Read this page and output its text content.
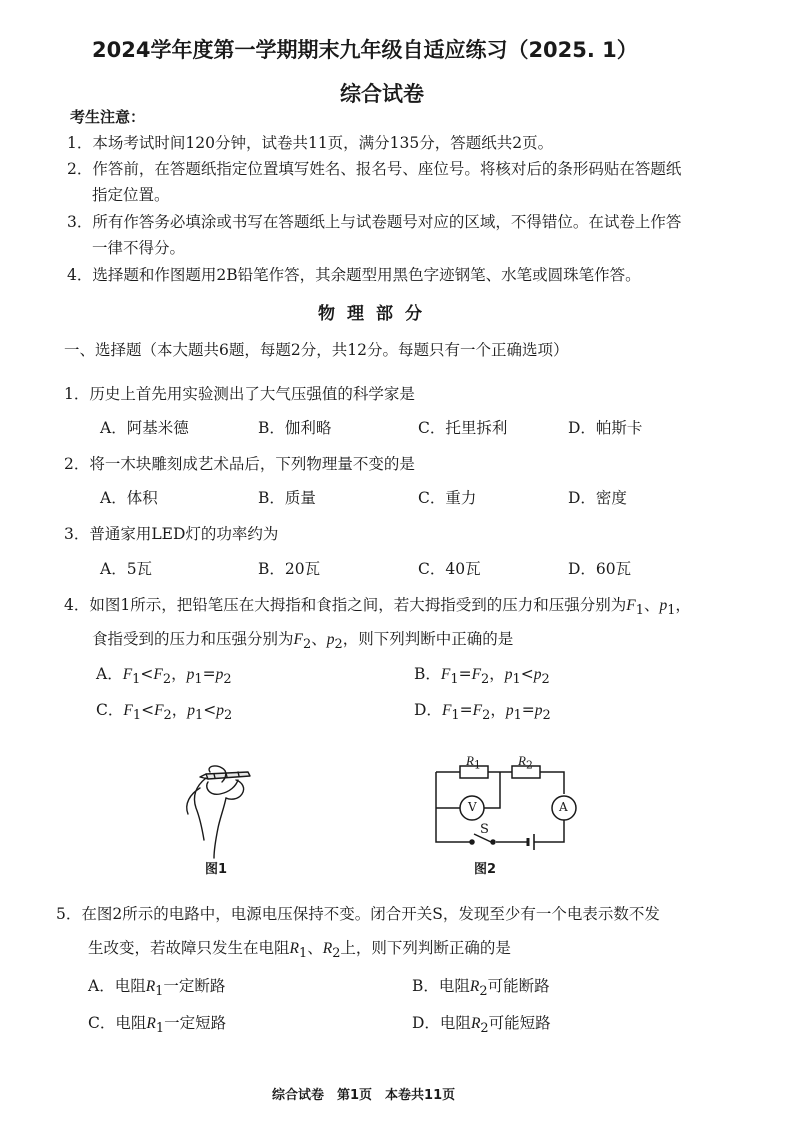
2024学年度第一学期期末九年级自适应练习（2025. 1）
综合试卷
考生注意：
1．本场考试时间120分钟，试卷共11页，满分135分，答题纸共2页。
2．作答前，在答题纸指定位置填写姓名、报名号、座位号。将核对后的条形码贴在答题纸
指定位置。
3．所有作答务必填涂或书写在答题纸上与试卷题号对应的区域，不得错位。在试卷上作答
一律不得分。
4．选择题和作图题用2B铅笔作答，其余题型用黑色字迹钢笔、水笔或圆珠笔作答。
物理部分
一、选择题（本大题共6题，每题2分，共12分。每题只有一个正确选项）
1．历史上首先用实验测出了大气压强值的科学家是
A．阿基米德	B．伽利略	C．托里拆利	D．帕斯卡
2．将一木块雕刻成艺术品后，下列物理量不变的是
A．体积	B．质量	C．重力	D．密度
3．普通家用LED灯的功率约为
A．5瓦	B．20瓦	C．40瓦	D．60瓦
4．如图1所示，把铅笔压在大拇指和食指之间，若大拇指受到的压力和压强分别为$F_1$、$p_1$，
食指受到的压力和压强分别为$F_2$、$p_2$，则下列判断中正确的是
A．$F_1<F_2$，$p_1=p_2$	B．$F_1=F_2$，$p_1<p_2$
C．$F_1<F_2$，$p_1<p_2$	D．$F_1=F_2$，$p_1=p_2$
图1
$R_1$	$R_2$
V	A
S
图2
5．在图2所示的电路中，电源电压保持不变。闭合开关S，发现至少有一个电表示数不发
生改变，若故障只发生在电阻$R_1$、$R_2$上，则下列判断正确的是
A．电阻$R_1$一定断路	B．电阻$R_2$可能断路
C．电阻$R_1$一定短路	D．电阻$R_2$可能短路
综合试卷　第1页　本卷共11页
